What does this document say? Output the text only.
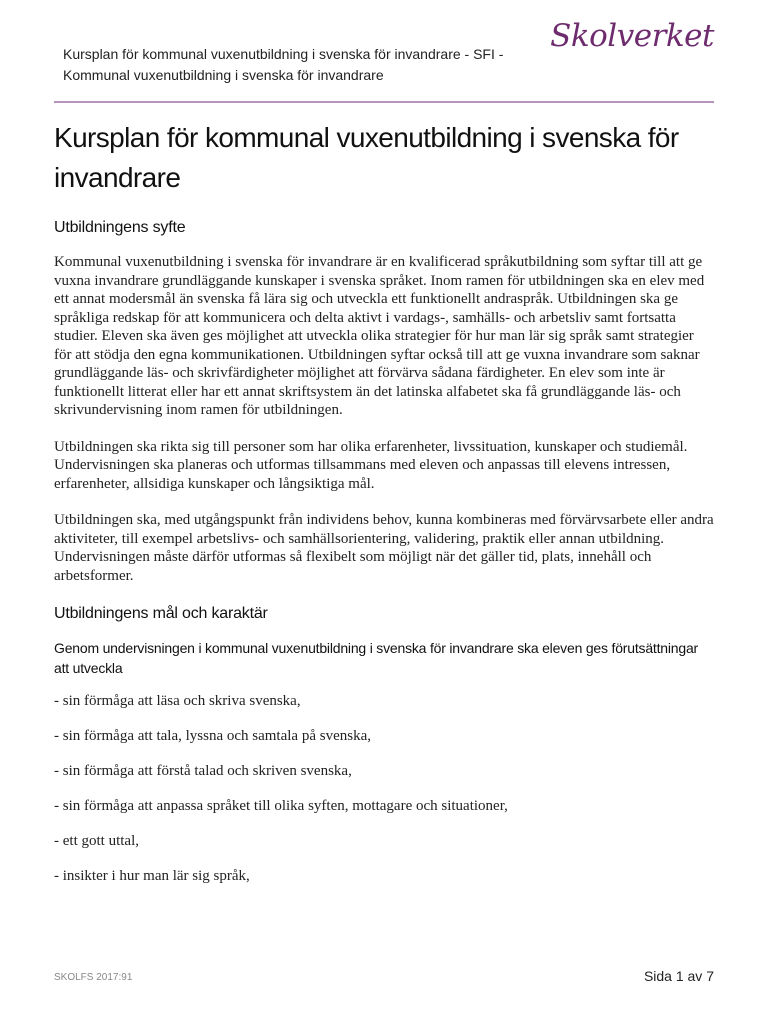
Kursplan för kommunal vuxenutbildning i svenska för invandrare - SFI -
Kommunal vuxenutbildning i svenska för invandrare
Skolverket
Kursplan för kommunal vuxenutbildning i svenska för invandrare
Utbildningens syfte

Kommunal vuxenutbildning i svenska för invandrare är en kvalificerad språkutbildning som syftar till att ge vuxna invandrare grundläggande kunskaper i svenska språket. Inom ramen för utbildningen ska en elev med ett annat modersmål än svenska få lära sig och utveckla ett funktionellt andraspråk. Utbildningen ska ge språkliga redskap för att kommunicera och delta aktivt i vardags-, samhälls- och arbetsliv samt fortsatta studier. Eleven ska även ges möjlighet att utveckla olika strategier för hur man lär sig språk samt strategier för att stödja den egna kommunikationen. Utbildningen syftar också till att ge vuxna invandrare som saknar grundläggande läs- och skrivfärdigheter möjlighet att förvärva sådana färdigheter. En elev som inte är funktionellt litterat eller har ett annat skriftsystem än det latinska alfabetet ska få grundläggande läs- och skrivundervisning inom ramen för utbildningen.

Utbildningen ska rikta sig till personer som har olika erfarenheter, livssituation, kunskaper och studiemål. Undervisningen ska planeras och utformas tillsammans med eleven och anpassas till elevens intressen, erfarenheter, allsidiga kunskaper och långsiktiga mål.

Utbildningen ska, med utgångspunkt från individens behov, kunna kombineras med förvärvsarbete eller andra aktiviteter, till exempel arbetslivs- och samhällsorientering, validering, praktik eller annan utbildning. Undervisningen måste därför utformas så flexibelt som möjligt när det gäller tid, plats, innehåll och arbetsformer.

Utbildningens mål och karaktär
Genom undervisningen i kommunal vuxenutbildning i svenska för invandrare ska eleven ges förutsättningar att utveckla

- sin förmåga att läsa och skriva svenska,

- sin förmåga att tala, lyssna och samtala på svenska,

- sin förmåga att förstå talad och skriven svenska,

- sin förmåga att anpassa språket till olika syften, mottagare och situationer,

- ett gott uttal,

- insikter i hur man lär sig språk,

SKOLFS 2017:91	Sida 1 av 7
